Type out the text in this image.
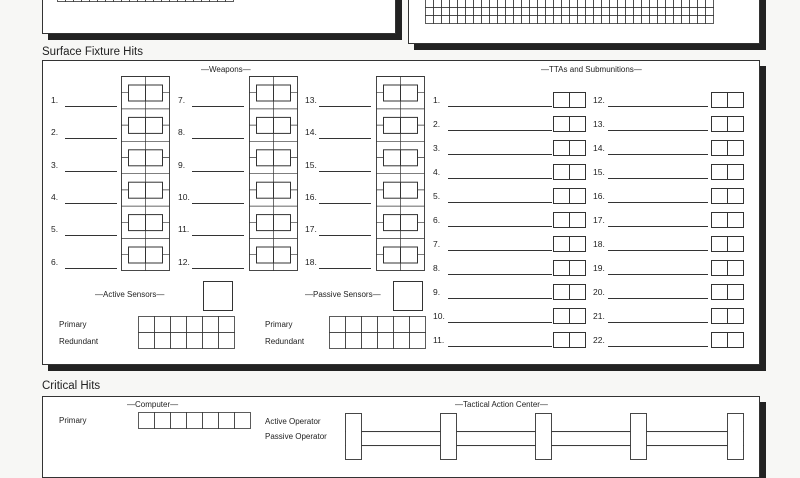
Surface Fixture Hits
—Weapons—	—TTAs and Submunitions—
1.
2.
3.
4.
5.
6.
7.
8.
9.
10.
11.
12.
13.
14.
15.
16.
17.
18.
1.
2.
3.
4.
5.
6.
7.
8.
9.
10.
11.
12.
13.
14.
15.
16.
17.
18.
19.
20.
21.
22.
—Active Sensors—	—Passive Sensors—
Primary
Redundant
Primary
Redundant
Critical Hits
—Computer—
Primary
—Tactical Action Center—
Active Operator
Passive Operator
